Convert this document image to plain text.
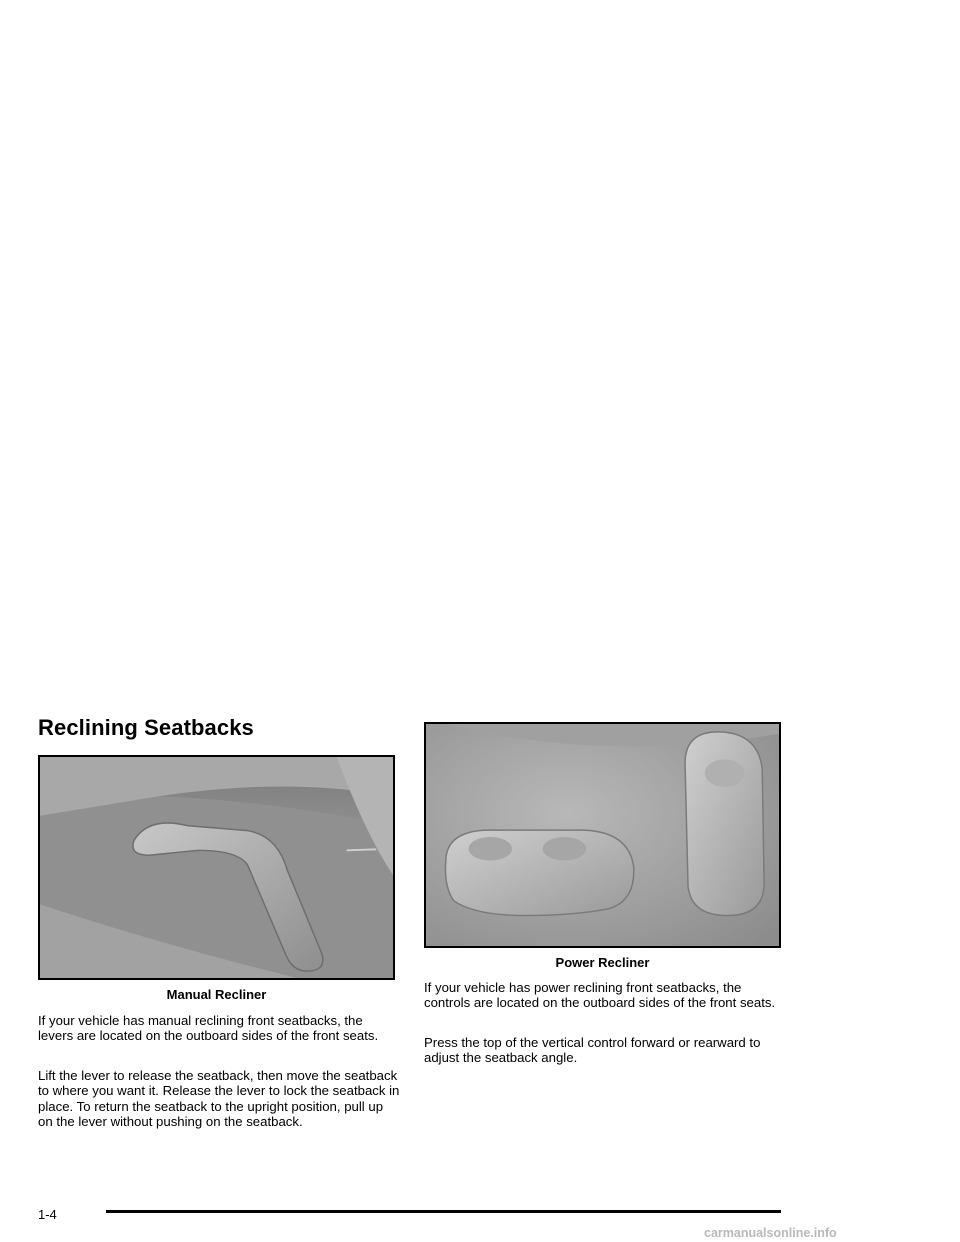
Reclining Seatbacks
Manual Recliner
Power Recliner

If your vehicle has manual reclining front seatbacks, the levers are located on the outboard sides of the front seats.

Lift the lever to release the seatback, then move the seatback to where you want it. Release the lever to lock the seatback in place. To return the seatback to the upright position, pull up on the lever without pushing on the seatback.

If your vehicle has power reclining front seatbacks, the controls are located on the outboard sides of the front seats.

Press the top of the vertical control forward or rearward to adjust the seatback angle.

1-4
carmanualsonline.info
